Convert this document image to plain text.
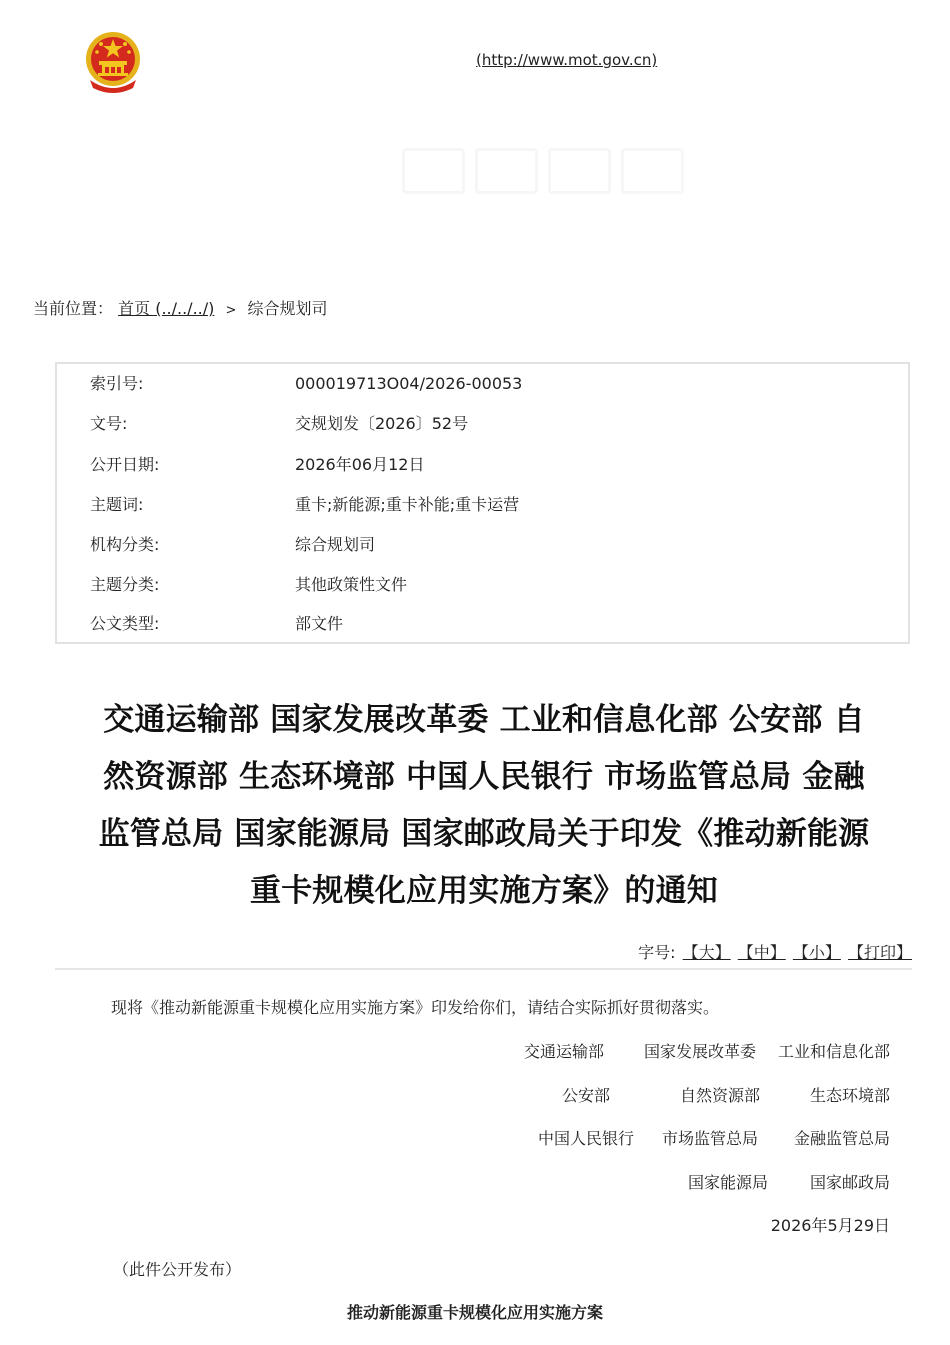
(http://www.mot.gov.cn)
当前位置： 首页 (../../../) > 综合规划司
索引号:	000019713O04/2026-00053
文号:	交规划发〔2026〕52号
公开日期:	2026年06月12日
主题词:	重卡;新能源;重卡补能;重卡运营
机构分类:	综合规划司
主题分类:	其他政策性文件
公文类型:	部文件
交通运输部 国家发展改革委 工业和信息化部 公安部 自
然资源部 生态环境部 中国人民银行 市场监管总局 金融
监管总局 国家能源局 国家邮政局关于印发《推动新能源
重卡规模化应用实施方案》的通知
字号: 【大】 【中】 【小】 【打印】
现将《推动新能源重卡规模化应用实施方案》印发给你们，请结合实际抓好贯彻落实。
交通运输部	国家发展改革委 工业和信息化部
公安部	自然资源部	生态环境部
中国人民银行 市场监管总局 金融监管总局
国家能源局	国家邮政局
2026年5月29日
（此件公开发布）
推动新能源重卡规模化应用实施方案
